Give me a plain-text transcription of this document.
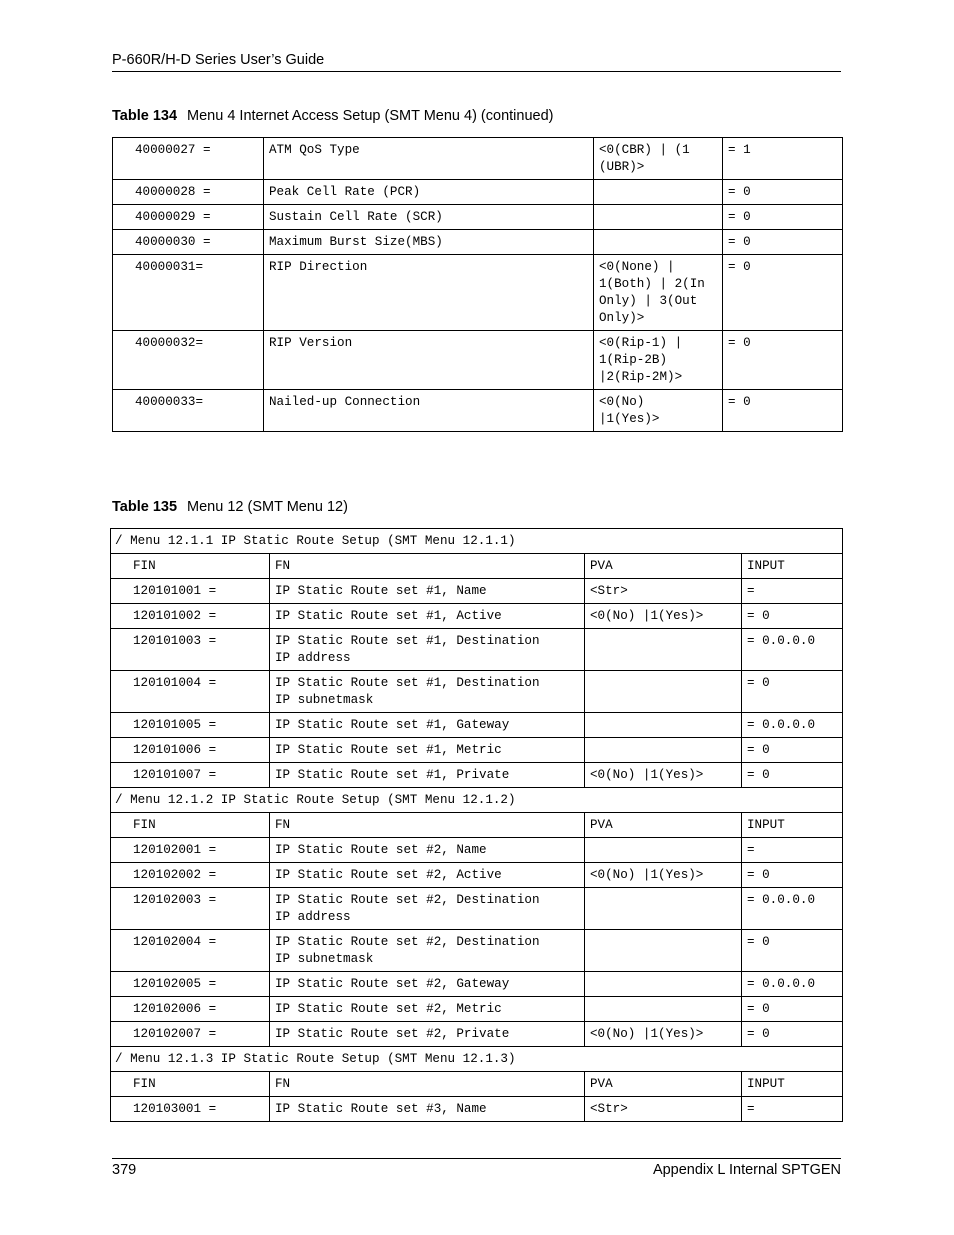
P-660R/H-D Series User’s Guide
Table 134 Menu 4 Internet Access Setup (SMT Menu 4) (continued)
40000027 =	ATM QoS Type	<0(CBR) | (1
(UBR)>	= 1
40000028 =	Peak Cell Rate (PCR)		= 0
40000029 =	Sustain Cell Rate (SCR)		= 0
40000030 =	Maximum Burst Size(MBS)		= 0
40000031=	RIP Direction	<0(None) |
1(Both) | 2(In
Only) | 3(Out
Only)>	= 0
40000032=	RIP Version	<0(Rip-1) |
1(Rip-2B)
|2(Rip-2M)>	= 0
40000033=	Nailed-up Connection	<0(No)
|1(Yes)>	= 0
Table 135 Menu 12 (SMT Menu 12)
/ Menu 12.1.1 IP Static Route Setup (SMT Menu 12.1.1)			
FIN	FN	PVA	INPUT
120101001 =	IP Static Route set #1, Name	<Str>	=
120101002 =	IP Static Route set #1, Active	<0(No) |1(Yes)>	= 0
120101003 =	IP Static Route set #1, Destination
IP address		= 0.0.0.0
120101004 =	IP Static Route set #1, Destination
IP subnetmask		= 0
120101005 =	IP Static Route set #1, Gateway		= 0.0.0.0
120101006 =	IP Static Route set #1, Metric		= 0
120101007 =	IP Static Route set #1, Private	<0(No) |1(Yes)>	= 0
/ Menu 12.1.2 IP Static Route Setup (SMT Menu 12.1.2)			
FIN	FN	PVA	INPUT
120102001 =	IP Static Route set #2, Name		=
120102002 =	IP Static Route set #2, Active	<0(No) |1(Yes)>	= 0
120102003 =	IP Static Route set #2, Destination
IP address		= 0.0.0.0
120102004 =	IP Static Route set #2, Destination
IP subnetmask		= 0
120102005 =	IP Static Route set #2, Gateway		= 0.0.0.0
120102006 =	IP Static Route set #2, Metric		= 0
120102007 =	IP Static Route set #2, Private	<0(No) |1(Yes)>	= 0
/ Menu 12.1.3 IP Static Route Setup (SMT Menu 12.1.3)			
FIN	FN	PVA	INPUT
120103001 =	IP Static Route set #3, Name	<Str>	=
379	Appendix L Internal SPTGEN
